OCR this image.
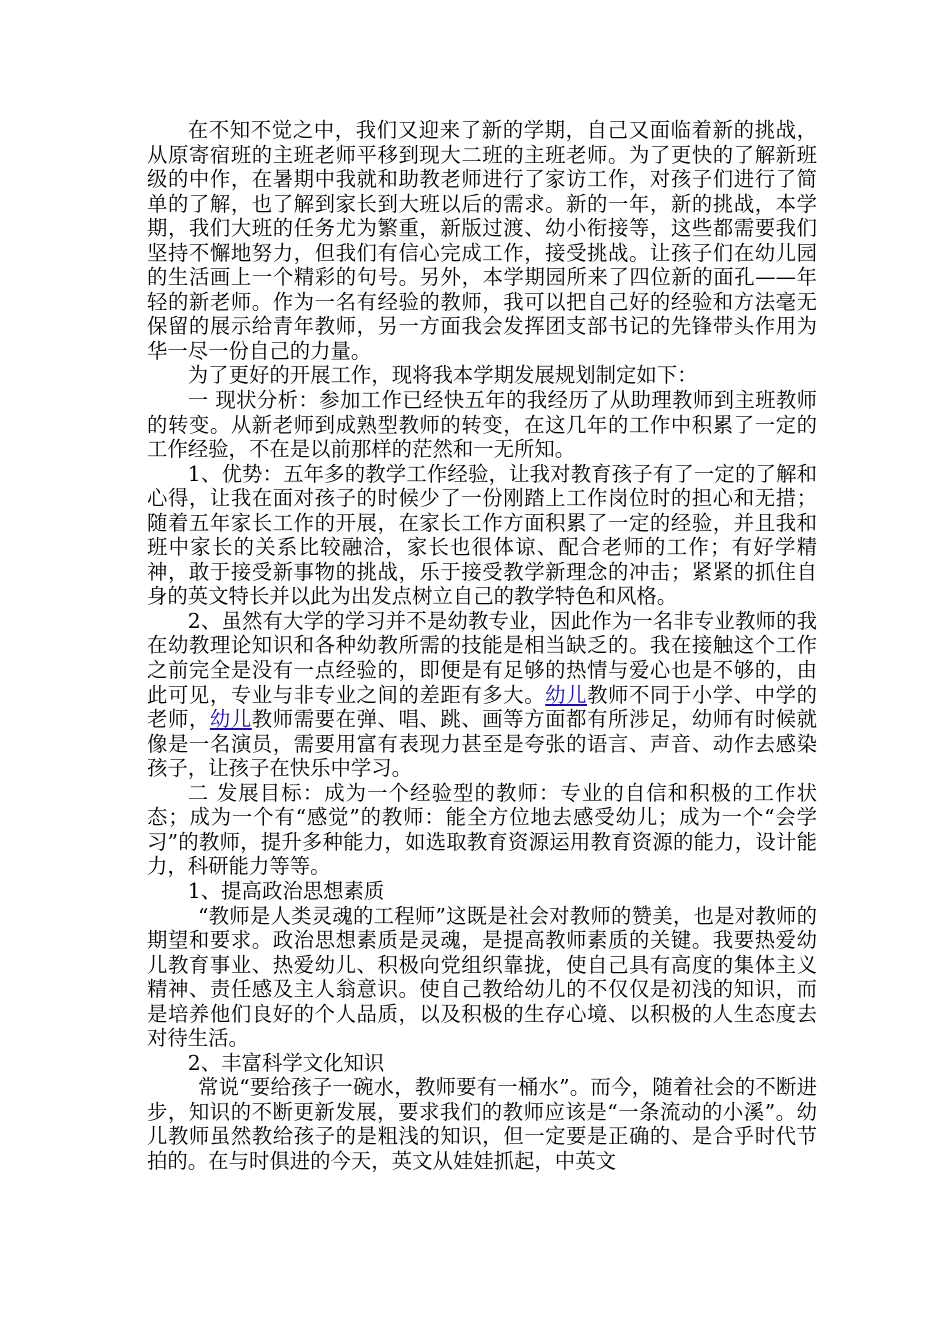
在不知不觉之中，我们又迎来了新的学期，自己又面临着新的挑战，从原寄宿班的主班老师平移到现大二班的主班老师。为了更快的了解新班级的中作，在暑期中我就和助教老师进行了家访工作，对孩子们进行了简单的了解，也了解到家长到大班以后的需求。新的一年，新的挑战，本学期，我们大班的任务尤为繁重，新版过渡、幼小衔接等，这些都需要我们坚持不懈地努力，但我们有信心完成工作，接受挑战。让孩子们在幼儿园的生活画上一个精彩的句号。另外，本学期园所来了四位新的面孔——年轻的新老师。作为一名有经验的教师，我可以把自己好的经验和方法毫无保留的展示给青年教师，另一方面我会发挥团支部书记的先锋带头作用为华一尽一份自己的力量。

为了更好的开展工作，现将我本学期发展规划制定如下：

一 现状分析：参加工作已经快五年的我经历了从助理教师到主班教师的转变。从新老师到成熟型教师的转变，在这几年的工作中积累了一定的工作经验，不在是以前那样的茫然和一无所知。

1、优势：五年多的教学工作经验，让我对教育孩子有了一定的了解和心得，让我在面对孩子的时候少了一份刚踏上工作岗位时的担心和无措；随着五年家长工作的开展，在家长工作方面积累了一定的经验，并且我和班中家长的关系比较融洽，家长也很体谅、配合老师的工作；有好学精神，敢于接受新事物的挑战，乐于接受教学新理念的冲击；紧紧的抓住自身的英文特长并以此为出发点树立自己的教学特色和风格。

2、虽然有大学的学习并不是幼教专业，因此作为一名非专业教师的我在幼教理论知识和各种幼教所需的技能是相当缺乏的。我在接触这个工作之前完全是没有一点经验的，即便是有足够的热情与爱心也是不够的，由此可见，专业与非专业之间的差距有多大。幼儿教师不同于小学、中学的老师，幼儿教师需要在弹、唱、跳、画等方面都有所涉足，幼师有时候就像是一名演员，需要用富有表现力甚至是夸张的语言、声音、动作去感染孩子，让孩子在快乐中学习。

二 发展目标：成为一个经验型的教师：专业的自信和积极的工作状态；成为一个有“感觉”的教师：能全方位地去感受幼儿；成为一个“会学习”的教师，提升多种能力，如选取教育资源运用教育资源的能力，设计能力，科研能力等等。

1、提高政治思想素质

“教师是人类灵魂的工程师”这既是社会对教师的赞美，也是对教师的期望和要求。政治思想素质是灵魂，是提高教师素质的关键。我要热爱幼儿教育事业、热爱幼儿、积极向党组织靠拢，使自己具有高度的集体主义精神、责任感及主人翁意识。使自己教给幼儿的不仅仅是初浅的知识，而是培养他们良好的个人品质，以及积极的生存心境、以积极的人生态度去对待生活。

2、丰富科学文化知识

常说“要给孩子一碗水，教师要有一桶水”。而今，随着社会的不断进步，知识的不断更新发展，要求我们的教师应该是“一条流动的小溪”。幼儿教师虽然教给孩子的是粗浅的知识，但一定要是正确的、是合乎时代节拍的。在与时俱进的今天，英文从娃娃抓起，中英文
